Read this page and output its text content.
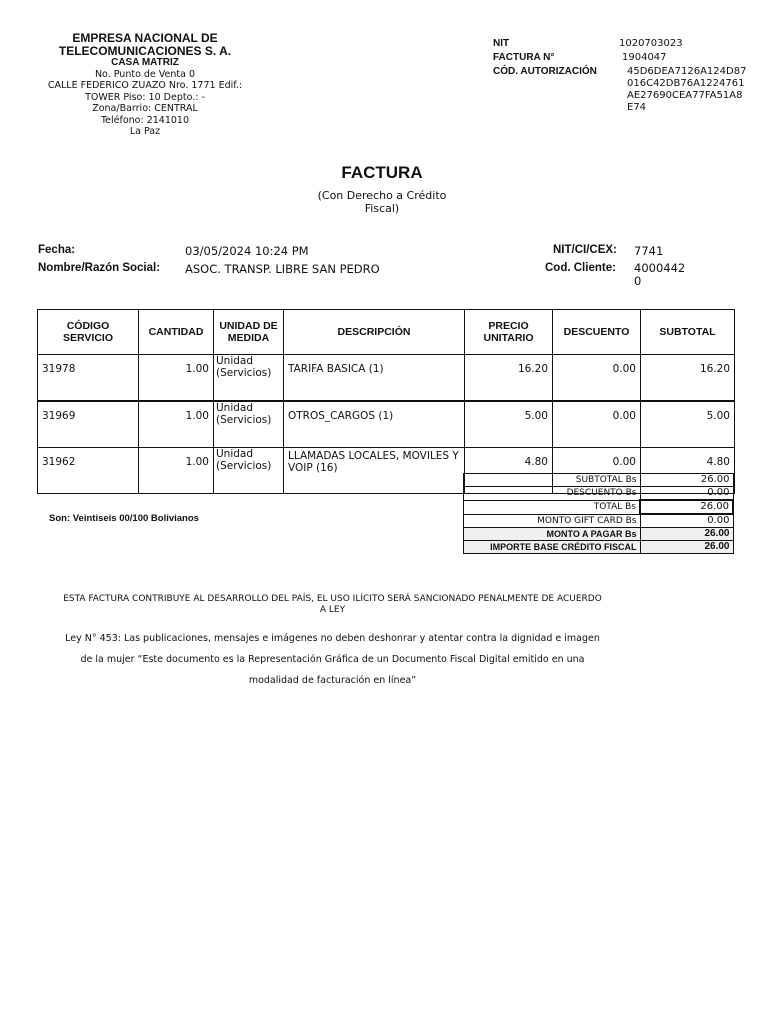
EMPRESA NACIONAL DE TELECOMUNICACIONES S. A.
CASA MATRIZ
No. Punto de Venta 0
CALLE FEDERICO ZUAZO Nro. 1771 Edif.:
TOWER Piso: 10 Depto.: -
Zona/Barrio: CENTRAL
Teléfono: 2141010
La Paz
NIT	1020703023
FACTURA N°	1904047
CÓD. AUTORIZACIÓN	45D6DEA7126A124D87016C42DB76A1224761AE27690CEA77FA51A8E74
FACTURA
(Con Derecho a Crédito Fiscal)
Fecha:	03/05/2024 10:24 PM
Nombre/Razón Social: ASOC. TRANSP. LIBRE SAN PEDRO
NIT/CI/CEX: 7741
Cod. Cliente: 40004420
CÓDIGO SERVICIO	CANTIDAD	UNIDAD DE MEDIDA	DESCRIPCIÓN	PRECIO UNITARIO	DESCUENTO	SUBTOTAL
31978	1.00	Unidad (Servicios)	TARIFA BASICA (1)	16.20	0.00	16.20
31969	1.00	Unidad (Servicios)	OTROS_CARGOS (1)	5.00	0.00	5.00
31962	1.00	Unidad (Servicios)	LLAMADAS LOCALES, MOVILES Y VOIP (16)	4.80	0.00	4.80
SUBTOTAL Bs	26.00
DESCUENTO Bs	0.00
TOTAL Bs	26.00
MONTO GIFT CARD Bs	0.00
MONTO A PAGAR Bs	26.00
IMPORTE BASE CRÉDITO FISCAL	26.00
Son: Veintiseis 00/100 Bolivianos
ESTA FACTURA CONTRIBUYE AL DESARROLLO DEL PAÍS, EL USO ILÍCITO SERÁ SANCIONADO PENALMENTE DE ACUERDO A LEY
Ley N° 453: Las publicaciones, mensajes e imágenes no deben deshonrar y atentar contra la dignidad e imagen de la mujer “Este documento es la Representación Gráfica de un Documento Fiscal Digital emitido en una modalidad de facturación en línea”
